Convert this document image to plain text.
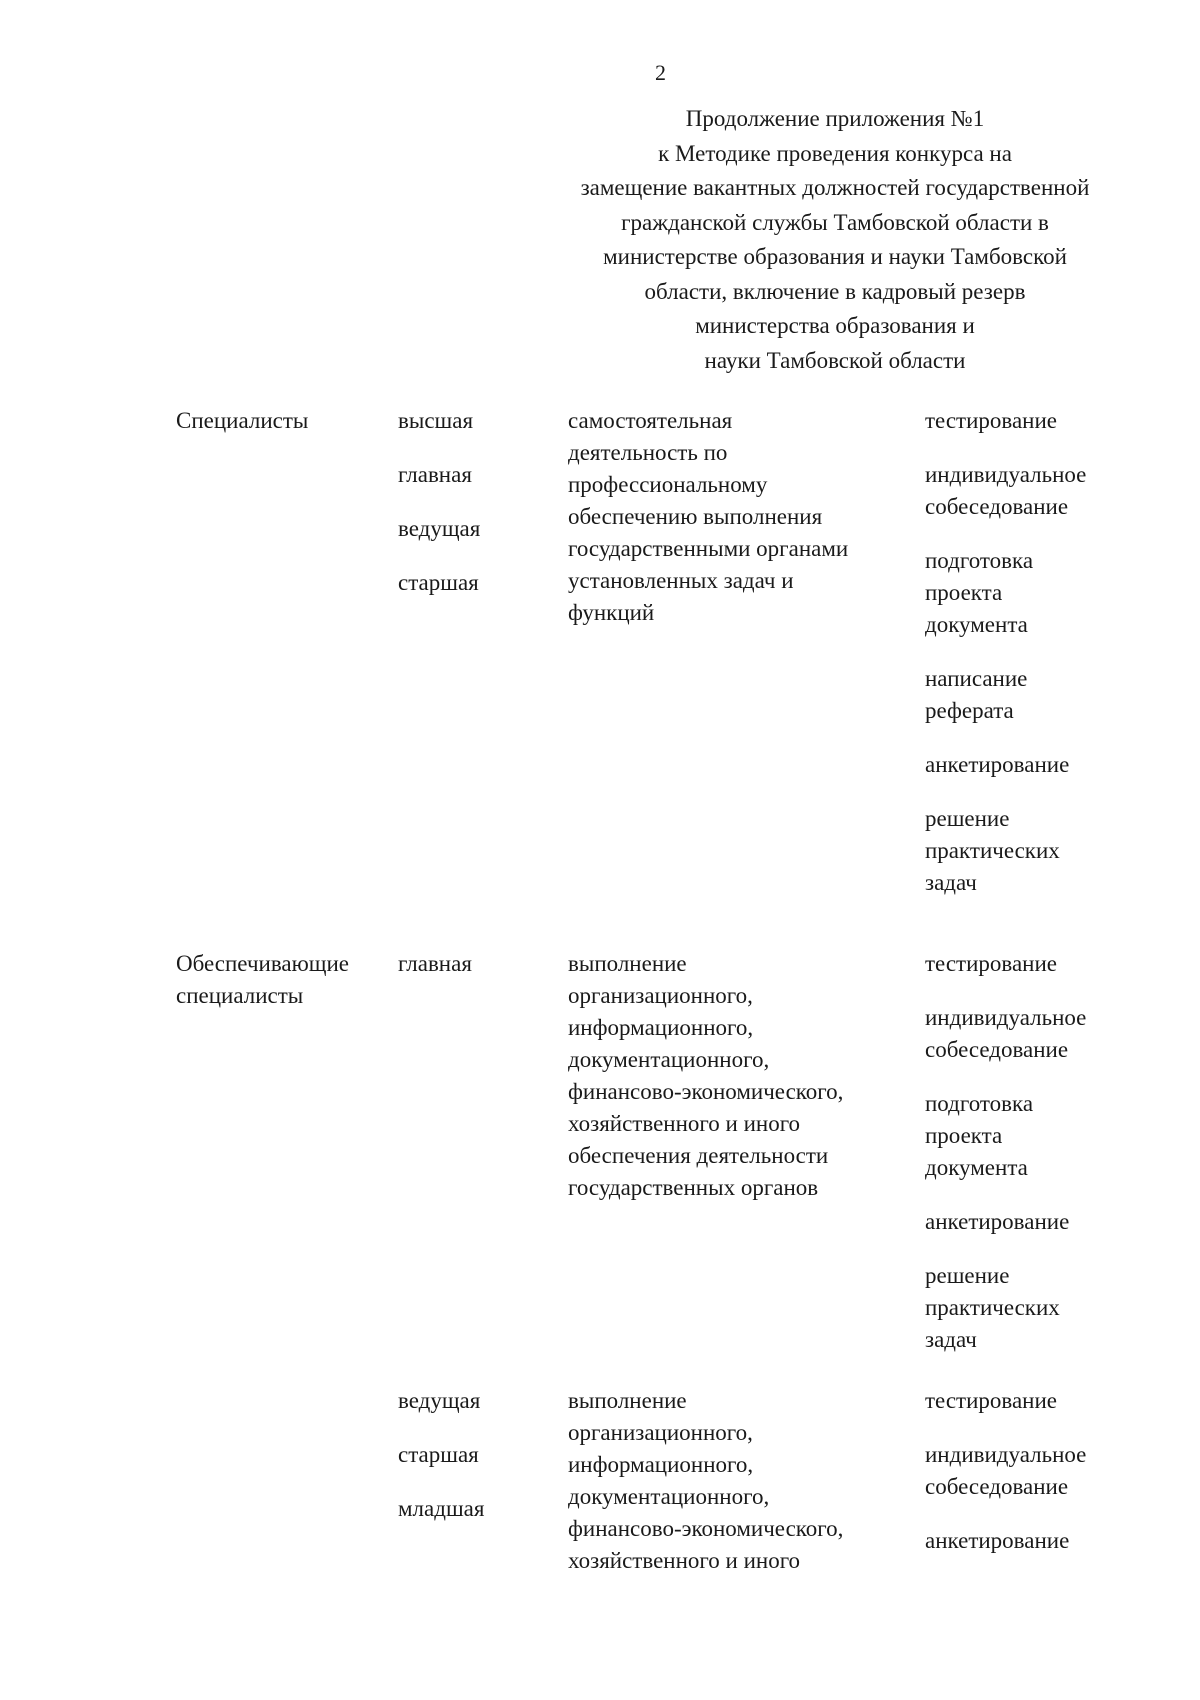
2
Продолжение приложения №1
к Методике проведения конкурса на
замещение вакантных должностей государственной
гражданской службы Тамбовской области в
министерстве образования и науки Тамбовской
области, включение в кадровый резерв
министерства образования и
науки Тамбовской области
Специалисты	высшая
главная
ведущая
старшая
самостоятельная
деятельность по
профессиональному
обеспечению выполнения
государственными органами
установленных задач и
функций
тестирование
индивидуальное
собеседование
подготовка
проекта
документа
написание
реферата
анкетирование
решение
практических
задач
Обеспечивающие
специалисты
главная	выполнение
организационного,
информационного,
документационного,
финансово-экономического,
хозяйственного и иного
обеспечения деятельности
государственных органов
тестирование
индивидуальное
собеседование
подготовка
проекта
документа
анкетирование
решение
практических
задач
ведущая
старшая
младшая
выполнение
организационного,
информационного,
документационного,
финансово-экономического,
хозяйственного и иного
тестирование
индивидуальное
собеседование
анкетирование
